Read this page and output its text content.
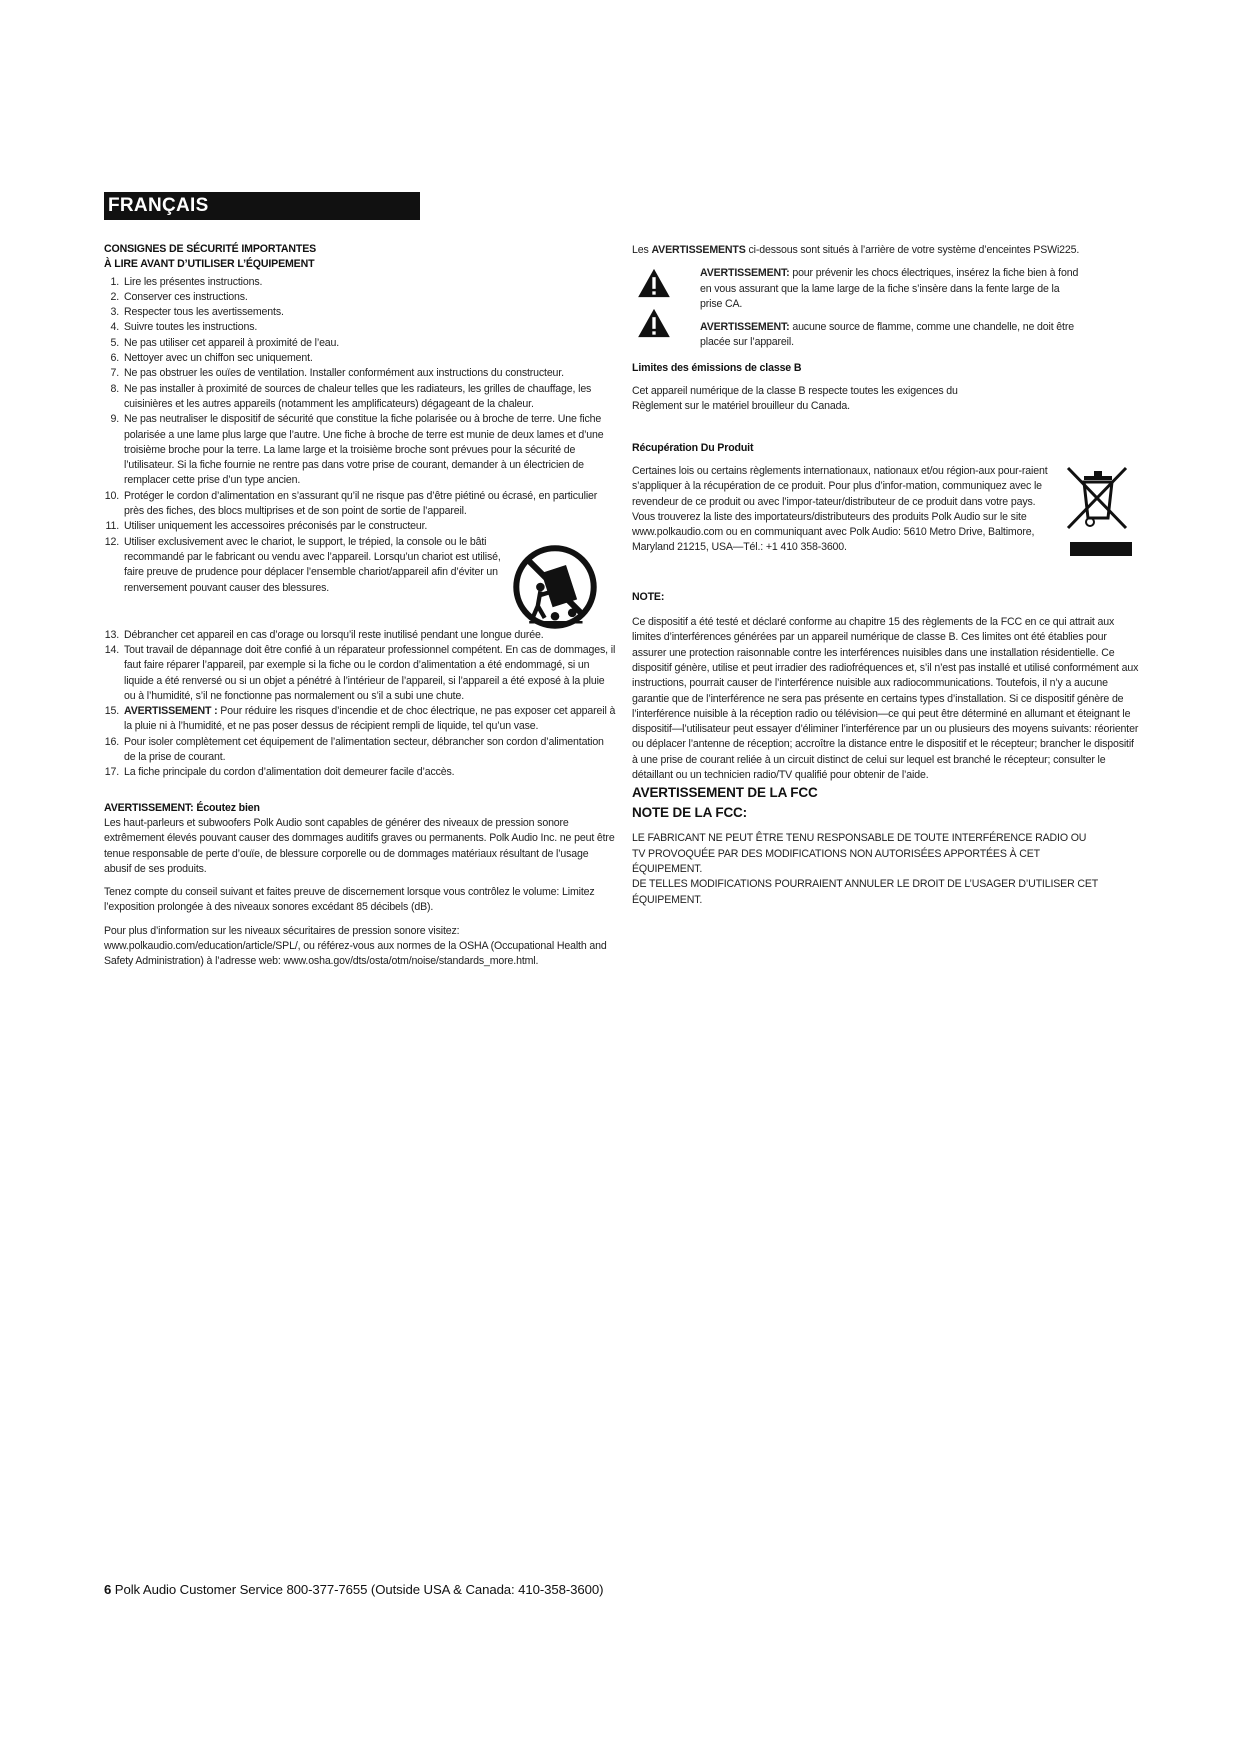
FRANÇAIS

CONSIGNES DE SÉCURITÉ IMPORTANTES

À LIRE AVANT D’UTILISER L’ÉQUIPEMENT

1. Lire les présentes instructions.
2. Conserver ces instructions.
3. Respecter tous les avertissements.
4. Suivre toutes les instructions.
5. Ne pas utiliser cet appareil à proximité de l’eau.
6. Nettoyer avec un chiffon sec uniquement.
7. Ne pas obstruer les ouïes de ventilation. Installer conformément aux instructions du constructeur.
8. Ne pas installer à proximité de sources de chaleur telles que les radiateurs, les grilles de chauffage, les cuisinières et les autres appareils (notamment les amplificateurs) dégageant de la chaleur.
9. Ne pas neutraliser le dispositif de sécurité que constitue la fiche polarisée ou à broche de terre. Une fiche polarisée a une lame plus large que l’autre. Une fiche à broche de terre est munie de deux lames et d’une troisième broche pour la terre. La lame large et la troisième broche sont prévues pour la sécurité de l’utilisateur. Si la fiche fournie ne rentre pas dans votre prise de courant, demander à un électricien de remplacer cette prise d’un type ancien.
10. Protéger le cordon d’alimentation en s’assurant qu’il ne risque pas d’être piétiné ou écrasé, en particulier près des fiches, des blocs multiprises et de son point de sortie de l’appareil.
11. Utiliser uniquement les accessoires préconisés par le constructeur.
12. Utiliser exclusivement avec le chariot, le support, le trépied, la console ou le bâti recommandé par le fabricant ou vendu avec l’appareil. Lorsqu’un chariot est utilisé, faire preuve de prudence pour déplacer l’ensemble chariot/appareil afin d’éviter un renversement pouvant causer des blessures.
13. Débrancher cet appareil en cas d’orage ou lorsqu’il reste inutilisé pendant une longue durée.
14. Tout travail de dépannage doit être confié à un réparateur professionnel compétent. En cas de dommages, il faut faire réparer l’appareil, par exemple si la fiche ou le cordon d’alimentation a été endommagé, si un liquide a été renversé ou si un objet a pénétré à l’intérieur de l’appareil, si l’appareil a été exposé à la pluie ou à l’humidité, s’il ne fonctionne pas normalement ou s’il a subi une chute.
15. AVERTISSEMENT : Pour réduire les risques d’incendie et de choc électrique, ne pas exposer cet appareil à la pluie ni à l’humidité, et ne pas poser dessus de récipient rempli de liquide, tel qu’un vase.
16. Pour isoler complètement cet équipement de l’alimentation secteur, débrancher son cordon d’alimentation de la prise de courant.
17. La fiche principale du cordon d’alimentation doit demeurer facile d’accès.

AVERTISSEMENT: Écoutez bien

Les haut-parleurs et subwoofers Polk Audio sont capables de générer des niveaux de pression sonore extrêmement élevés pouvant causer des dommages auditifs graves ou permanents. Polk Audio Inc. ne peut être tenue responsable de perte d’ouïe, de blessure corporelle ou de dommages matériaux résultant de l’usage abusif de ses produits.

Tenez compte du conseil suivant et faites preuve de discernement lorsque vous contrôlez le volume: Limitez l’exposition prolongée à des niveaux sonores excédant 85 décibels (dB).

Pour plus d’information sur les niveaux sécuritaires de pression sonore visitez: www.polkaudio.com/education/article/SPL/, ou référez-vous aux normes de la OSHA (Occupational Health and Safety Administration) à l’adresse web: www.osha.gov/dts/osta/otm/noise/standards_more.html.

Les AVERTISSEMENTS ci-dessous sont situés à l’arrière de votre système d’enceintes PSWi225.

AVERTISSEMENT: pour prévenir les chocs électriques, insérez la fiche bien à fond en vous assurant que la lame large de la fiche s’insère dans la fente large de la prise CA.
AVERTISSEMENT: aucune source de flamme, comme une chandelle, ne doit être placée sur l’appareil.

Limites des émissions de classe B

Cet appareil numérique de la classe B respecte toutes les exigences du Règlement sur le matériel brouilleur du Canada.

Récupération Du Produit

Certaines lois ou certains règlements internationaux, nationaux et/ou région-aux pour-raient s’appliquer à la récupération de ce produit. Pour plus d’infor-mation, communiquez avec le revendeur de ce produit ou avec l’impor-tateur/distributeur de ce produit dans votre pays. Vous trouverez la liste des importateurs/distributeurs des produits Polk Audio sur le site www.polkaudio.com ou en communiquant avec Polk Audio: 5610 Metro Drive, Baltimore, Maryland 21215, USA—Tél.: +1 410 358-3600.

NOTE:

Ce dispositif a été testé et déclaré conforme au chapitre 15 des règlements de la FCC en ce qui attrait aux limites d’interférences générées par un appareil numérique de classe B. Ces limites ont été établies pour assurer une protection raisonnable contre les interférences nuisibles dans une installation résidentielle. Ce dispositif génère, utilise et peut irradier des radiofréquences et, s’il n’est pas installé et utilisé conformément aux instructions, pourrait causer de l’interférence nuisible aux radiocommunications. Toutefois, il n’y a aucune garantie que de l’interférence ne sera pas présente en certains types d’installation. Si ce dispositif génère de l’interférence nuisible à la réception radio ou télévision—ce qui peut être déterminé en allumant et éteignant le dispositif—l’utilisateur peut essayer d’éliminer l’interférence par un ou plusieurs des moyens suivants: réorienter ou déplacer l’antenne de réception; accroître la distance entre le dispositif et le récepteur; brancher le dispositif à une prise de courant reliée à un circuit distinct de celui sur lequel est branché le récepteur; consulter le détaillant ou un technicien radio/TV qualifié pour obtenir de l’aide.

AVERTISSEMENT DE LA FCC

NOTE DE LA FCC:

LE FABRICANT NE PEUT ÊTRE TENU RESPONSABLE DE TOUTE INTERFÉRENCE RADIO OU TV PROVOQUÉE PAR DES MODIFICATIONS NON AUTORISÉES APPORTÉES À CET ÉQUIPEMENT.

DE TELLES MODIFICATIONS POURRAIENT ANNULER LE DROIT DE L’USAGER D’UTILISER CET ÉQUIPEMENT.

6 Polk Audio Customer Service 800-377-7655 (Outside USA & Canada: 410-358-3600)
